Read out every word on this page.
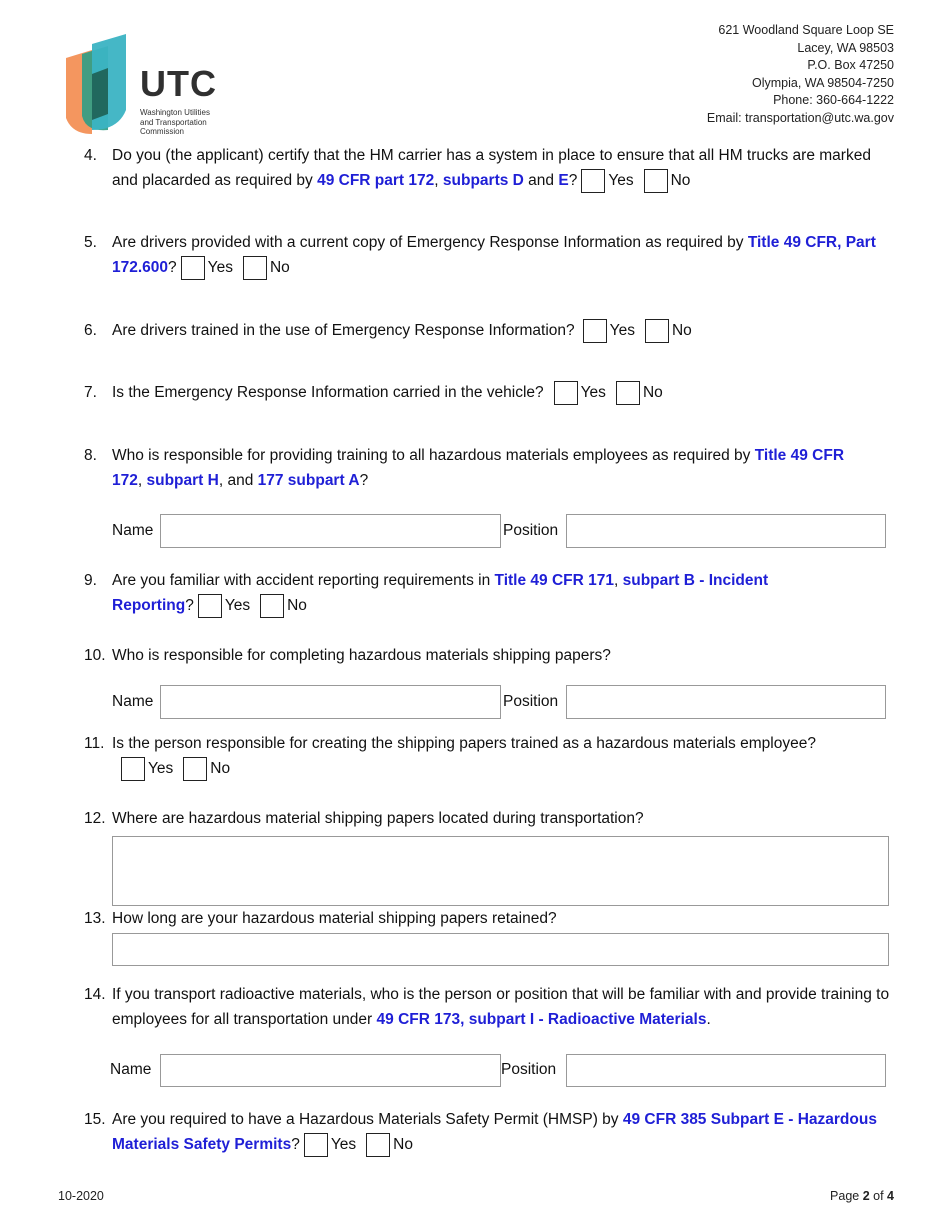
UTC
Washington Utilities
and Transportation
Commission
621 Woodland Square Loop SE
Lacey, WA 98503
P.O. Box 47250
Olympia, WA 98504-7250
Phone: 360-664-1222
Email: transportation@utc.wa.gov
4. Do you (the applicant) certify that the HM carrier has a system in place to ensure that all HM trucks are marked and placarded as required by 49 CFR part 172, subparts D and E? Yes No
5. Are drivers provided with a current copy of Emergency Response Information as required by Title 49 CFR, Part 172.600? Yes No
6. Are drivers trained in the use of Emergency Response Information? Yes No
7. Is the Emergency Response Information carried in the vehicle? Yes No
8. Who is responsible for providing training to all hazardous materials employees as required by Title 49 CFR 172, subpart H, and 177 subpart A?
Name	Position
9. Are you familiar with accident reporting requirements in Title 49 CFR 171, subpart B - Incident Reporting? Yes No
10. Who is responsible for completing hazardous materials shipping papers?
Name	Position
11. Is the person responsible for creating the shipping papers trained as a hazardous materials employee?
Yes No
12. Where are hazardous material shipping papers located during transportation?
13. How long are your hazardous material shipping papers retained?
14. If you transport radioactive materials, who is the person or position that will be familiar with and provide training to employees for all transportation under 49 CFR 173, subpart I - Radioactive Materials.
Name	Position
15. Are you required to have a Hazardous Materials Safety Permit (HMSP) by 49 CFR 385 Subpart E - Hazardous Materials Safety Permits? Yes No
10-2020	Page 2 of 4
